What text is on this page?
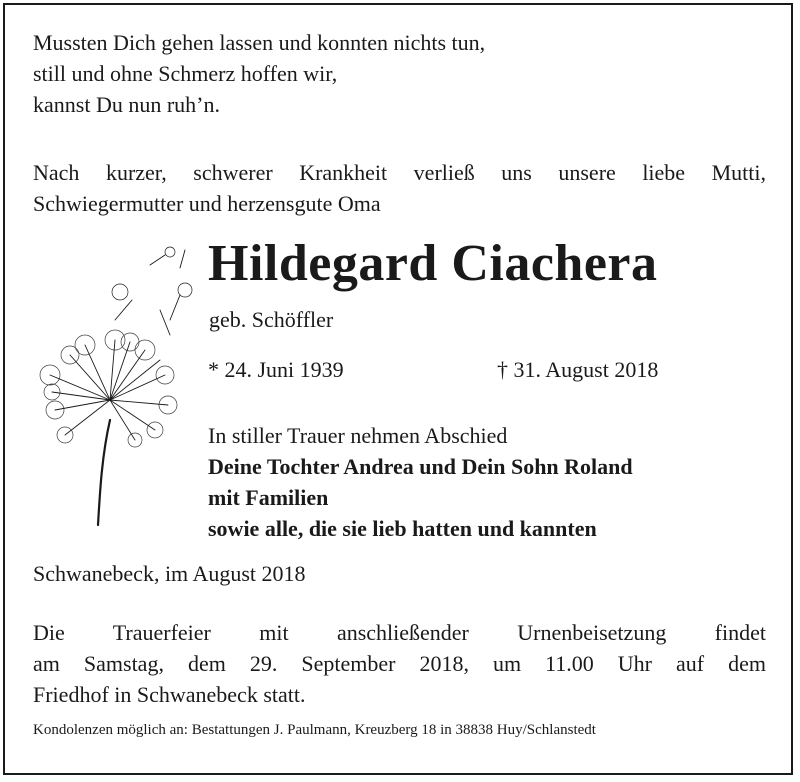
Mussten Dich gehen lassen und konnten nichts tun,
still und ohne Schmerz hoffen wir,
kannst Du nun ruh’n.
Nach kurzer, schwerer Krankheit verließ uns unsere liebe Mutti,
Schwiegermutter und herzensgute Oma
Hildegard Ciachera
geb. Schöffler
* 24. Juni 1939	† 31. August 2018
In stiller Trauer nehmen Abschied
Deine Tochter Andrea und Dein Sohn Roland
mit Familien
sowie alle, die sie lieb hatten und kannten
Schwanebeck, im August 2018
Die Trauerfeier mit anschließender Urnenbeisetzung findet
am Samstag, dem 29. September 2018, um 11.00 Uhr auf dem
Friedhof in Schwanebeck statt.
Kondolenzen möglich an: Bestattungen J. Paulmann, Kreuzberg 18 in 38838 Huy/Schlanstedt
